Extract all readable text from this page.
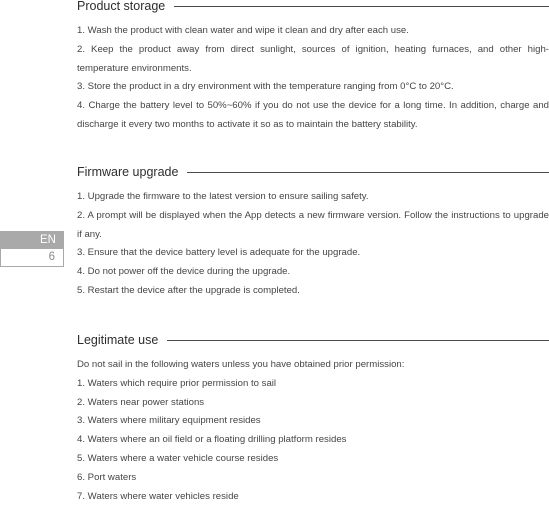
EN
6
Product storage

1. Wash the product with clean water and wipe it clean and dry after each use.

2. Keep the product away from direct sunlight, sources of ignition, heating furnaces, and other high-temperature environments.

3. Store the product in a dry environment with the temperature ranging from 0°C to 20°C.

4. Charge the battery level to 50%~60% if you do not use the device for a long time. In addition, charge and discharge it every two months to activate it so as to maintain the battery stability.

Firmware upgrade

1. Upgrade the firmware to the latest version to ensure sailing safety.

2. A prompt will be displayed when the App detects a new firmware version. Follow the instructions to upgrade if any.

3. Ensure that the device battery level is adequate for the upgrade.

4. Do not power off the device during the upgrade.

5. Restart the device after the upgrade is completed.

Legitimate use

Do not sail in the following waters unless you have obtained prior permission:

1. Waters which require prior permission to sail

2. Waters near power stations

3. Waters where military equipment resides

4. Waters where an oil field or a floating drilling platform resides

5. Waters where a water vehicle course resides

6. Port waters

7. Waters where water vehicles reside
